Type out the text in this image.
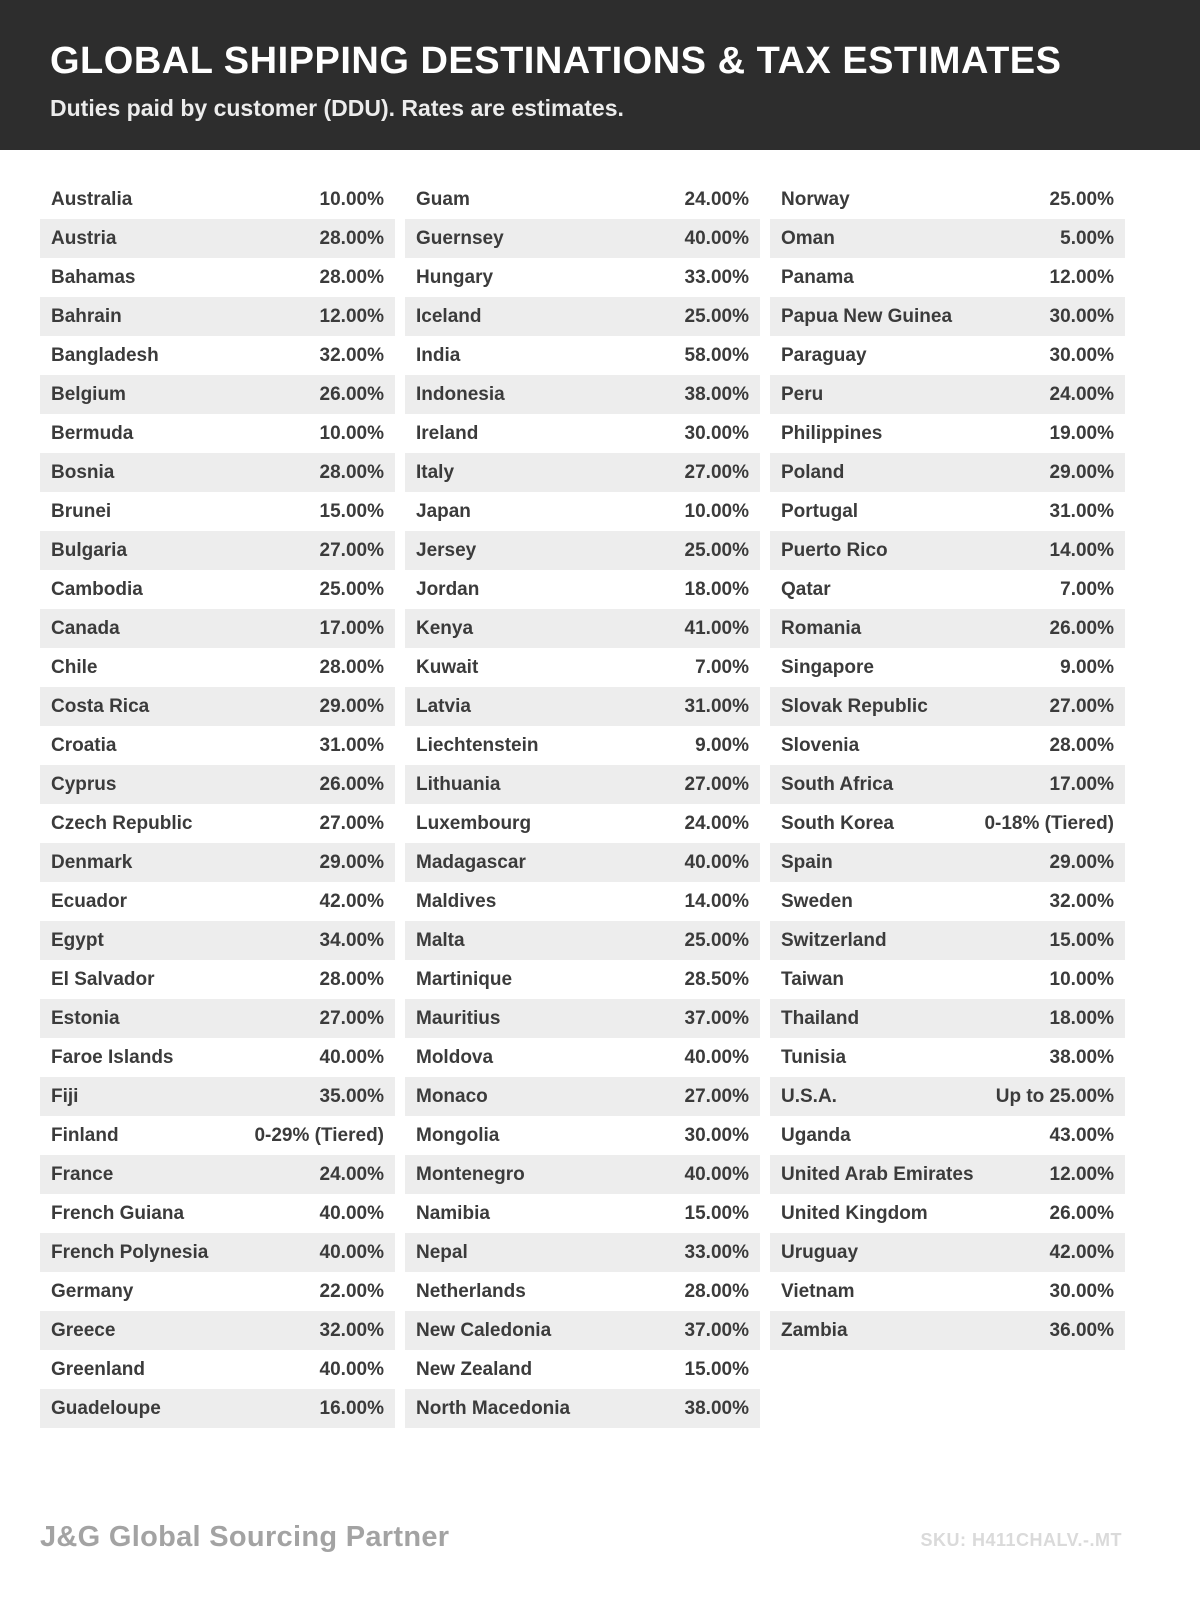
GLOBAL SHIPPING DESTINATIONS & TAX ESTIMATES
Duties paid by customer (DDU). Rates are estimates.
Australia	10.00%
Austria	28.00%
Bahamas	28.00%
Bahrain	12.00%
Bangladesh	32.00%
Belgium	26.00%
Bermuda	10.00%
Bosnia	28.00%
Brunei	15.00%
Bulgaria	27.00%
Cambodia	25.00%
Canada	17.00%
Chile	28.00%
Costa Rica	29.00%
Croatia	31.00%
Cyprus	26.00%
Czech Republic	27.00%
Denmark	29.00%
Ecuador	42.00%
Egypt	34.00%
El Salvador	28.00%
Estonia	27.00%
Faroe Islands	40.00%
Fiji	35.00%
Finland	0-29% (Tiered)
France	24.00%
French Guiana	40.00%
French Polynesia	40.00%
Germany	22.00%
Greece	32.00%
Greenland	40.00%
Guadeloupe	16.00%
Guam	24.00%
Guernsey	40.00%
Hungary	33.00%
Iceland	25.00%
India	58.00%
Indonesia	38.00%
Ireland	30.00%
Italy	27.00%
Japan	10.00%
Jersey	25.00%
Jordan	18.00%
Kenya	41.00%
Kuwait	7.00%
Latvia	31.00%
Liechtenstein	9.00%
Lithuania	27.00%
Luxembourg	24.00%
Madagascar	40.00%
Maldives	14.00%
Malta	25.00%
Martinique	28.50%
Mauritius	37.00%
Moldova	40.00%
Monaco	27.00%
Mongolia	30.00%
Montenegro	40.00%
Namibia	15.00%
Nepal	33.00%
Netherlands	28.00%
New Caledonia	37.00%
New Zealand	15.00%
North Macedonia	38.00%
Norway	25.00%
Oman	5.00%
Panama	12.00%
Papua New Guinea	30.00%
Paraguay	30.00%
Peru	24.00%
Philippines	19.00%
Poland	29.00%
Portugal	31.00%
Puerto Rico	14.00%
Qatar	7.00%
Romania	26.00%
Singapore	9.00%
Slovak Republic	27.00%
Slovenia	28.00%
South Africa	17.00%
South Korea	0-18% (Tiered)
Spain	29.00%
Sweden	32.00%
Switzerland	15.00%
Taiwan	10.00%
Thailand	18.00%
Tunisia	38.00%
U.S.A.	Up to 25.00%
Uganda	43.00%
United Arab Emirates	12.00%
United Kingdom	26.00%
Uruguay	42.00%
Vietnam	30.00%
Zambia	36.00%
J&G Global Sourcing Partner	SKU: H411CHALV.-.MT
